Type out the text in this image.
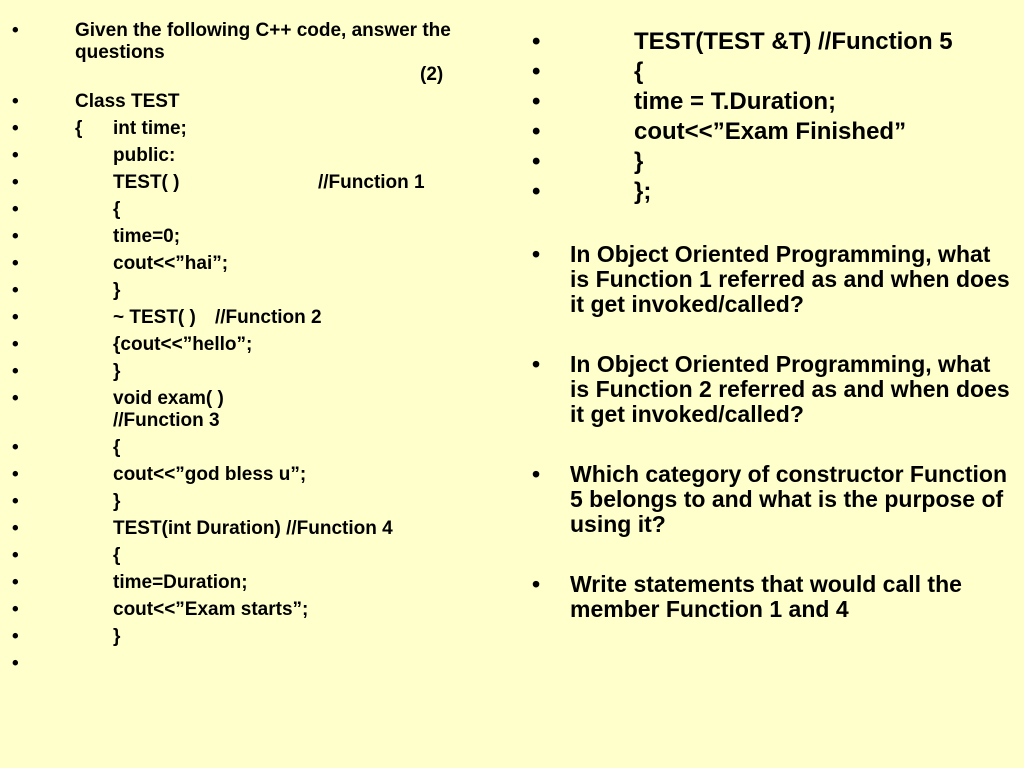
•	Given the following C++ code, answer the questions
(2)
•	Class TEST
•	{ int time;
•	public:
•	TEST( )	//Function 1
•	{
•	time=0;
•	cout<<”hai”;
•	}
•	~ TEST( ) //Function 2
•	{cout<<”hello”;
•	}
•	void exam( )
//Function 3
•	{
•	cout<<”god bless u”;
•	}
•	TEST(int Duration) //Function 4
•	{
•	time=Duration;
•	cout<<”Exam starts”;
•	}
•
•	TEST(TEST &T) //Function 5
•	{
•	time = T.Duration;
•	cout<<”Exam Finished”
•	}
•	};
• In Object Oriented Programming, what is Function 1 referred as and when does it get invoked/called?
• In Object Oriented Programming, what is Function 2 referred as and when does it get invoked/called?
• Which category of constructor Function 5 belongs to and what is the purpose of using it?
• Write statements that would call the member Function 1 and 4
